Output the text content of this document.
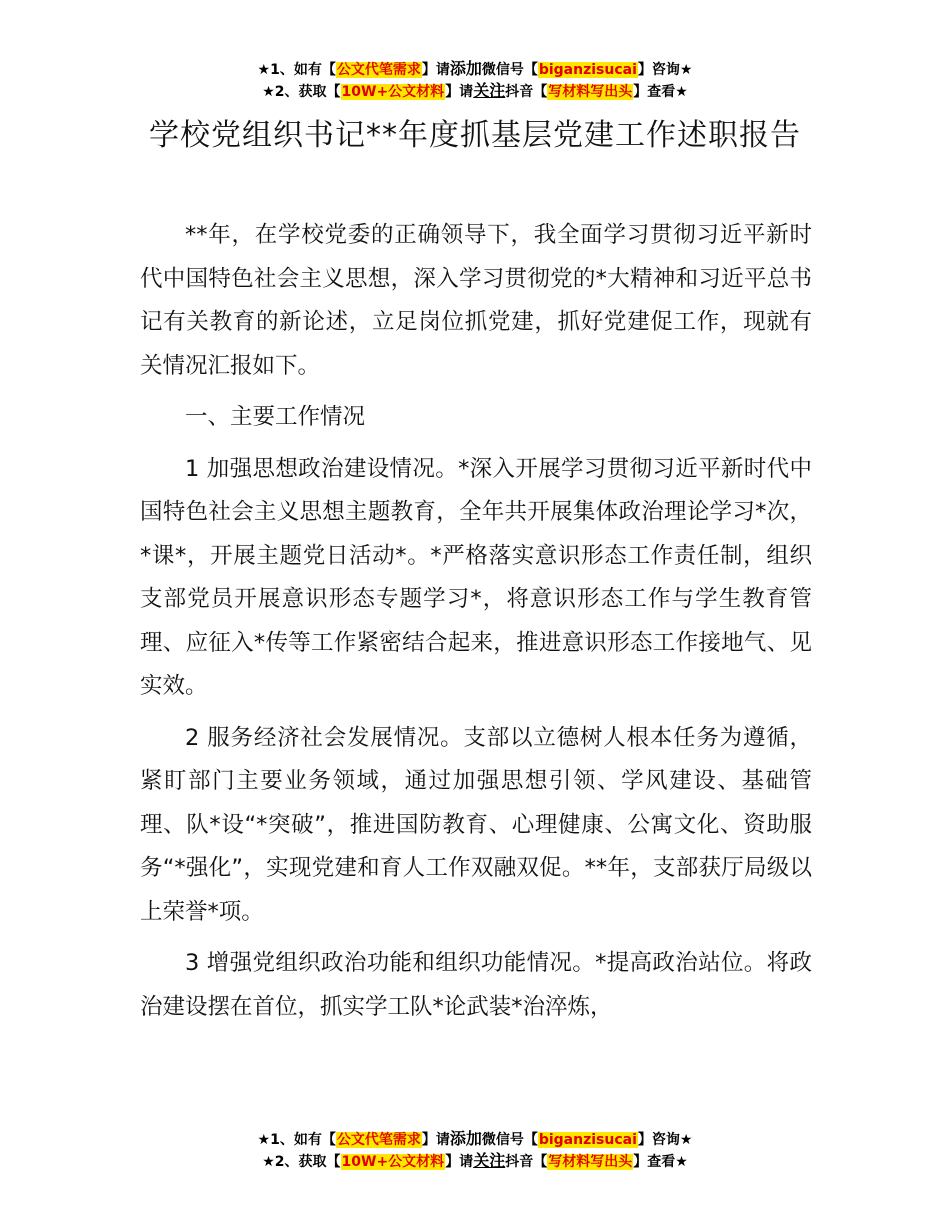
★1、如有【公文代笔需求】请添加微信号【biganzisucai】咨询★
★2、获取【10W+公文材料】请关注抖音【写材料写出头】查看★
学校党组织书记**年度抓基层党建工作述职报告

**年，在学校党委的正确领导下，我全面学习贯彻习近平新时代中国特色社会主义思想，深入学习贯彻党的*大精神和习近平总书记有关教育的新论述，立足岗位抓党建，抓好党建促工作，现就有关情况汇报如下。

一、主要工作情况

1 加强思想政治建设情况。*深入开展学习贯彻习近平新时代中国特色社会主义思想主题教育，全年共开展集体政治理论学习*次，*课*，开展主题党日活动*。*严格落实意识形态工作责任制，组织支部党员开展意识形态专题学习*，将意识形态工作与学生教育管理、应征入*传等工作紧密结合起来，推进意识形态工作接地气、见实效。

2 服务经济社会发展情况。支部以立德树人根本任务为遵循，紧盯部门主要业务领域，通过加强思想引领、学风建设、基础管理、队*设“*突破”，推进国防教育、心理健康、公寓文化、资助服务“*强化”，实现党建和育人工作双融双促。**年，支部获厅局级以上荣誉*项。

3 增强党组织政治功能和组织功能情况。*提高政治站位。将政治建设摆在首位，抓实学工队*论武装*治淬炼，

★1、如有【公文代笔需求】请添加微信号【biganzisucai】咨询★
★2、获取【10W+公文材料】请关注抖音【写材料写出头】查看★
